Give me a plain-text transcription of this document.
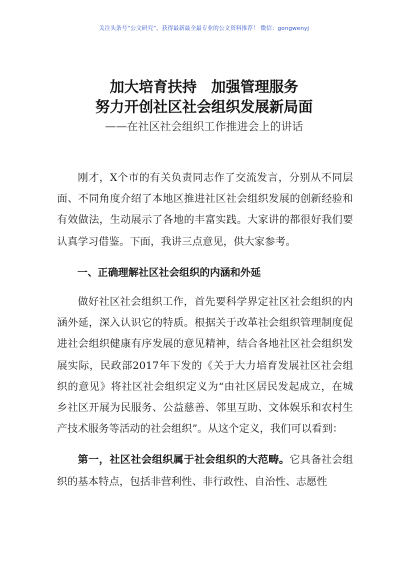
关注头条号“公文研究”，获得最新最全最专业的公文资料推荐！ 微信：gongwenyj
加大培育扶持　加强管理服务
努力开创社区社会组织发展新局面
——在社区社会组织工作推进会上的讲话

刚才，X个市的有关负责同志作了交流发言，分别从不同层面、不同角度介绍了本地区推进社区社会组织发展的创新经验和有效做法，生动展示了各地的丰富实践。大家讲的都很好我们要认真学习借鉴。下面，我讲三点意见，供大家参考。

一、正确理解社区社会组织的内涵和外延

做好社区社会组织工作，首先要科学界定社区社会组织的内涵外延，深入认识它的特质。根据关于改革社会组织管理制度促进社会组织健康有序发展的意见精神，结合各地社区社会组织发展实际，民政部2017年下发的《关于大力培育发展社区社会组织的意见》将社区社会组织定义为“由社区居民发起成立，在城乡社区开展为民服务、公益慈善、邻里互助、文体娱乐和农村生产技术服务等活动的社会组织”。从这个定义，我们可以看到：

第一，社区社会组织属于社会组织的大范畴。它具备社会组织的基本特点，包括非营利性、非行政性、自治性、志愿性
